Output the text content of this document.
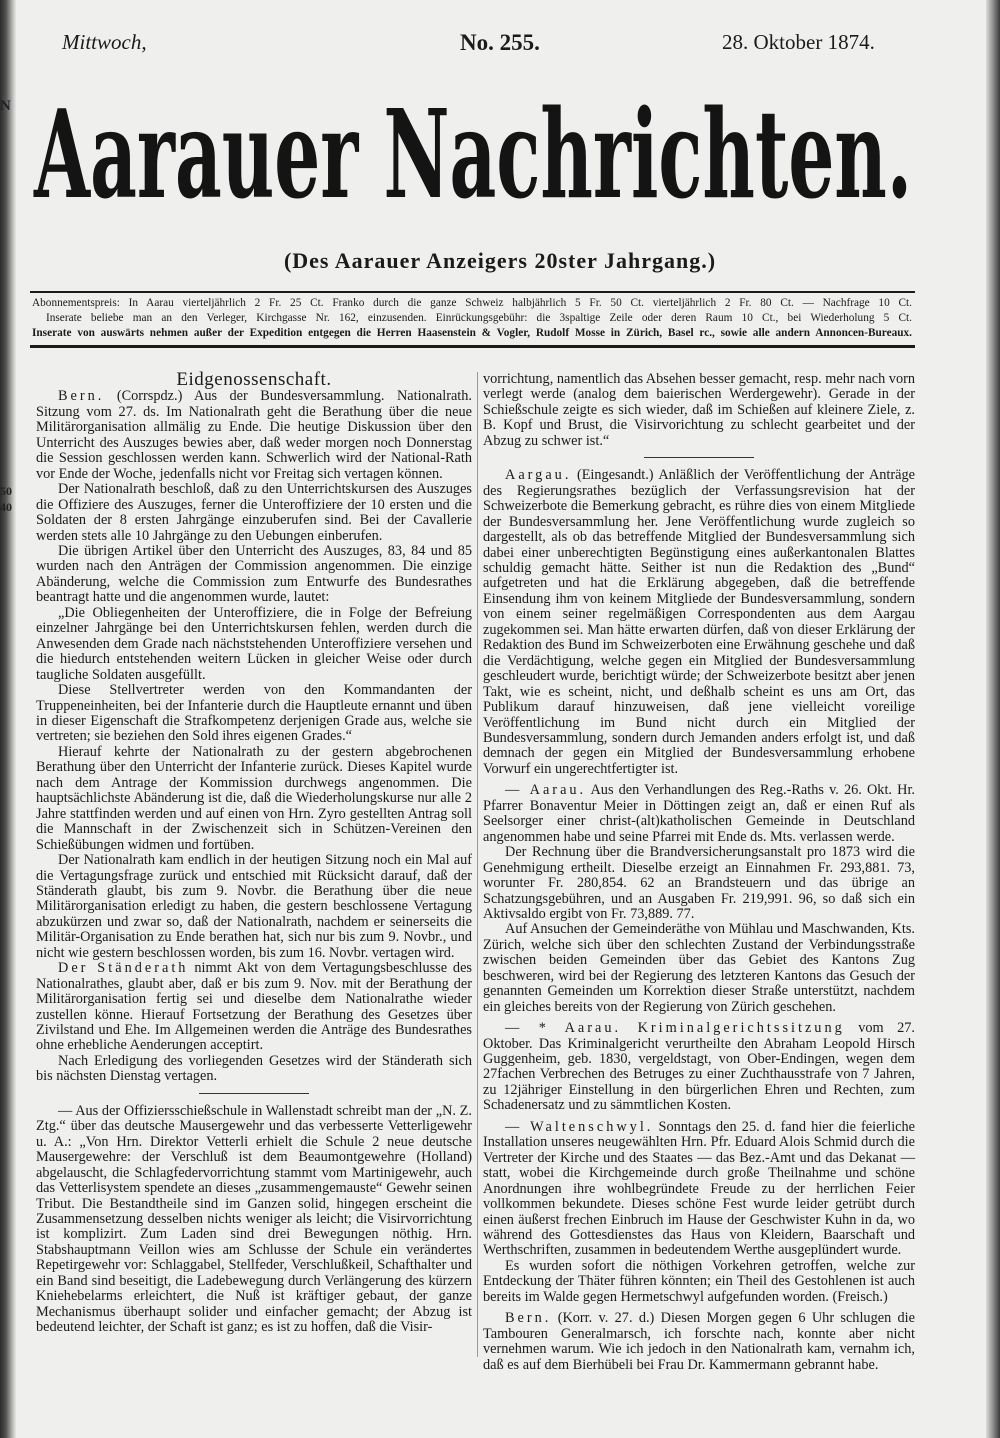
N
50
40
Mittwoch,	No. 255.	28. Oktober 1874.
Aarauer Nachrichten.
(Des Aarauer Anzeigers 20ster Jahrgang.)
Abonnementspreis: In Aarau vierteljährlich 2 Fr. 25 Ct. Franko durch die ganze Schweiz halbjährlich 5 Fr. 50 Ct. vierteljährlich 2 Fr. 80 Ct. — Nachfrage 10 Ct.
Inserate beliebe man an den Verleger, Kirchgasse Nr. 162, einzusenden. Einrückungsgebühr: die 3spaltige Zeile oder deren Raum 10 Ct., bei Wiederholung 5 Ct.
Inserate von auswärts nehmen außer der Expedition entgegen die Herren Haasenstein & Vogler, Rudolf Mosse in Zürich, Basel rc., sowie alle andern Annoncen-Bureaux.
Eidgenossenschaft.

Bern. (Corrspdz.) Aus der Bundesversammlung. Nationalrath. Sitzung vom 27. ds. Im Nationalrath geht die Berathung über die neue Militärorganisation allmälig zu Ende. Die heutige Diskussion über den Unterricht des Auszuges bewies aber, daß weder morgen noch Donnerstag die Session geschlossen werden kann. Schwerlich wird der National-Rath vor Ende der Woche, jedenfalls nicht vor Freitag sich vertagen können.

Der Nationalrath beschloß, daß zu den Unterrichtskursen des Auszuges die Offiziere des Auszuges, ferner die Unteroffiziere der 10 ersten und die Soldaten der 8 ersten Jahrgänge einzuberufen sind. Bei der Cavallerie werden stets alle 10 Jahrgänge zu den Uebungen einberufen.

Die übrigen Artikel über den Unterricht des Auszuges, 83, 84 und 85 wurden nach den Anträgen der Commission angenommen. Die einzige Abänderung, welche die Commission zum Entwurfe des Bundesrathes beantragt hatte und die angenommen wurde, lautet:

„Die Obliegenheiten der Unteroffiziere, die in Folge der Befreiung einzelner Jahrgänge bei den Unterrichtskursen fehlen, werden durch die Anwesenden dem Grade nach nächststehenden Unteroffiziere versehen und die hiedurch entstehenden weitern Lücken in gleicher Weise oder durch taugliche Soldaten ausgefüllt.

Diese Stellvertreter werden von den Kommandanten der Truppeneinheiten, bei der Infanterie durch die Hauptleute ernannt und üben in dieser Eigenschaft die Strafkompetenz derjenigen Grade aus, welche sie vertreten; sie beziehen den Sold ihres eigenen Grades.“

Hierauf kehrte der Nationalrath zu der gestern abgebrochenen Berathung über den Unterricht der Infanterie zurück. Dieses Kapitel wurde nach dem Antrage der Kommission durchwegs angenommen. Die hauptsächlichste Abänderung ist die, daß die Wiederholungskurse nur alle 2 Jahre stattfinden werden und auf einen von Hrn. Zyro gestellten Antrag soll die Mannschaft in der Zwischenzeit sich in Schützen-Vereinen den Schießübungen widmen und fortüben.

Der Nationalrath kam endlich in der heutigen Sitzung noch ein Mal auf die Vertagungsfrage zurück und entschied mit Rücksicht darauf, daß der Ständerath glaubt, bis zum 9. Novbr. die Berathung über die neue Militärorganisation erledigt zu haben, die gestern beschlossene Vertagung abzukürzen und zwar so, daß der Nationalrath, nachdem er seinerseits die Militär-Organisation zu Ende berathen hat, sich nur bis zum 9. Novbr., und nicht wie gestern beschlossen worden, bis zum 16. Novbr. vertagen wird.

Der Ständerath nimmt Akt von dem Vertagungsbeschlusse des Nationalrathes, glaubt aber, daß er bis zum 9. Nov. mit der Berathung der Militärorganisation fertig sei und dieselbe dem Nationalrathe wieder zustellen könne. Hierauf Fortsetzung der Berathung des Gesetzes über Zivilstand und Ehe. Im Allgemeinen werden die Anträge des Bundesrathes ohne erhebliche Aenderungen acceptirt.

Nach Erledigung des vorliegenden Gesetzes wird der Ständerath sich bis nächsten Dienstag vertagen.

— Aus der Offiziersschießschule in Wallenstadt schreibt man der „N. Z. Ztg.“ über das deutsche Mausergewehr und das verbesserte Vetterligewehr u. A.: „Von Hrn. Direktor Vetterli erhielt die Schule 2 neue deutsche Mausergewehre: der Verschluß ist dem Beaumontgewehre (Holland) abgelauscht, die Schlagfedervorrichtung stammt vom Martinigewehr, auch das Vetterlisystem spendete an dieses „zusammengemauste“ Gewehr seinen Tribut. Die Bestandtheile sind im Ganzen solid, hingegen erscheint die Zusammensetzung desselben nichts weniger als leicht; die Visirvorrichtung ist komplizirt. Zum Laden sind drei Bewegungen nöthig. Hrn. Stabshauptmann Veillon wies am Schlusse der Schule ein verändertes Repetirgewehr vor: Schlaggabel, Stellfeder, Verschlußkeil, Schafthalter und ein Band sind beseitigt, die Ladebewegung durch Verlängerung des kürzern Kniehebelarms erleichtert, die Nuß ist kräftiger gebaut, der ganze Mechanismus überhaupt solider und einfacher gemacht; der Abzug ist bedeutend leichter, der Schaft ist ganz; es ist zu hoffen, daß die Visir-

vorrichtung, namentlich das Absehen besser gemacht, resp. mehr nach vorn verlegt werde (analog dem baierischen Werdergewehr). Gerade in der Schießschule zeigte es sich wieder, daß im Schießen auf kleinere Ziele, z. B. Kopf und Brust, die Visirvorichtung zu schlecht gearbeitet und der Abzug zu schwer ist.“

Aargau. (Eingesandt.) Anläßlich der Veröffentlichung der Anträge des Regierungsrathes bezüglich der Verfassungsrevision hat der Schweizerbote die Bemerkung gebracht, es rühre dies von einem Mitgliede der Bundesversammlung her. Jene Veröffentlichung wurde zugleich so dargestellt, als ob das betreffende Mitglied der Bundesversammlung sich dabei einer unberechtigten Begünstigung eines außerkantonalen Blattes schuldig gemacht hätte. Seither ist nun die Redaktion des „Bund“ aufgetreten und hat die Erklärung abgegeben, daß die betreffende Einsendung ihm von keinem Mitgliede der Bundesversammlung, sondern von einem seiner regelmäßigen Correspondenten aus dem Aargau zugekommen sei. Man hätte erwarten dürfen, daß von dieser Erklärung der Redaktion des Bund im Schweizerboten eine Erwähnung geschehe und daß die Verdächtigung, welche gegen ein Mitglied der Bundesversammlung geschleudert wurde, berichtigt würde; der Schweizerbote besitzt aber jenen Takt, wie es scheint, nicht, und deßhalb scheint es uns am Ort, das Publikum darauf hinzuweisen, daß jene vielleicht voreilige Veröffentlichung im Bund nicht durch ein Mitglied der Bundesversammlung, sondern durch Jemanden anders erfolgt ist, und daß demnach der gegen ein Mitglied der Bundesversammlung erhobene Vorwurf ein ungerechtfertigter ist.

— Aarau. Aus den Verhandlungen des Reg.-Raths v. 26. Okt. Hr. Pfarrer Bonaventur Meier in Döttingen zeigt an, daß er einen Ruf als Seelsorger einer christ-(alt)katholischen Gemeinde in Deutschland angenommen habe und seine Pfarrei mit Ende ds. Mts. verlassen werde.

Der Rechnung über die Brandversicherungsanstalt pro 1873 wird die Genehmigung ertheilt. Dieselbe erzeigt an Einnahmen Fr. 293,881. 73, worunter Fr. 280,854. 62 an Brandsteuern und das übrige an Schatzungsgebühren, und an Ausgaben Fr. 219,991. 96, so daß sich ein Aktivsaldo ergibt von Fr. 73,889. 77.

Auf Ansuchen der Gemeinderäthe von Mühlau und Maschwanden, Kts. Zürich, welche sich über den schlechten Zustand der Verbindungsstraße zwischen beiden Gemeinden über das Gebiet des Kantons Zug beschweren, wird bei der Regierung des letzteren Kantons das Gesuch der genannten Gemeinden um Korrektion dieser Straße unterstützt, nachdem ein gleiches bereits von der Regierung von Zürich geschehen.

— * Aarau. Kriminalgerichtssitzung vom 27. Oktober. Das Kriminalgericht verurtheilte den Abraham Leopold Hirsch Guggenheim, geb. 1830, vergeldstagt, von Ober-Endingen, wegen dem 27fachen Verbrechen des Betruges zu einer Zuchthausstrafe von 7 Jahren, zu 12jähriger Einstellung in den bürgerlichen Ehren und Rechten, zum Schadenersatz und zu sämmtlichen Kosten.

— Waltenschwyl. Sonntags den 25. d. fand hier die feierliche Installation unseres neugewählten Hrn. Pfr. Eduard Alois Schmid durch die Vertreter der Kirche und des Staates — das Bez.-Amt und das Dekanat — statt, wobei die Kirchgemeinde durch große Theilnahme und schöne Anordnungen ihre wohlbegründete Freude zu der herrlichen Feier vollkommen bekundete. Dieses schöne Fest wurde leider getrübt durch einen äußerst frechen Einbruch im Hause der Geschwister Kuhn in da, wo während des Gottesdienstes das Haus von Kleidern, Baarschaft und Werthschriften, zusammen in bedeutendem Werthe ausgeplündert wurde.

Es wurden sofort die nöthigen Vorkehren getroffen, welche zur Entdeckung der Thäter führen könnten; ein Theil des Gestohlenen ist auch bereits im Walde gegen Hermetschwyl aufgefunden worden. (Freisch.)

Bern. (Korr. v. 27. d.) Diesen Morgen gegen 6 Uhr schlugen die Tambouren Generalmarsch, ich forschte nach, konnte aber nicht vernehmen warum. Wie ich jedoch in den Nationalrath kam, vernahm ich, daß es auf dem Bierhübeli bei Frau Dr. Kammermann gebrannt habe.
